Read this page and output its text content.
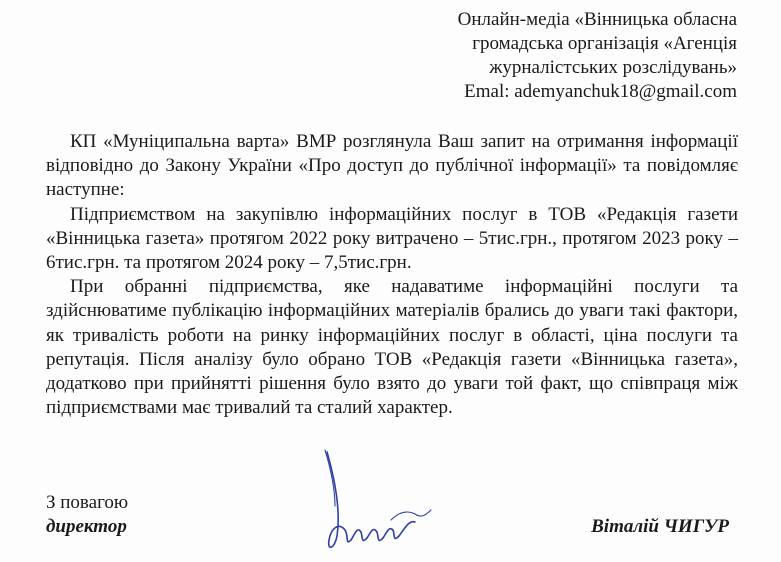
Онлайн-медіа «Вінницька обласна
громадська організація «Агенція
журналістських розслідувань»
Emal: ademyanchuk18@gmail.com

КП «Муніципальна варта» ВМР розглянула Ваш запит на отримання інформації відповідно до Закону України «Про доступ до публічної інформації» та повідомляє наступне:

Підприємством на закупівлю інформаційних послуг в ТОВ «Редакція газети «Вінницька газета» протягом 2022 року витрачено – 5тис.грн., протягом 2023 року – 6тис.грн. та протягом 2024 року – 7,5тис.грн.

При обранні підприємства, яке надаватиме інформаційні послуги та здійснюватиме публікацію інформаційних матеріалів брались до уваги такі фактори, як тривалість роботи на ринку інформаційних послуг в області, ціна послуги та репутація. Після аналізу було обрано ТОВ «Редакція газети «Вінницька газета», додатково при прийнятті рішення було взято до уваги той факт, що співпраця між підприємствами має тривалий та сталий характер.

З повагою
директор	Віталій ЧИГУР
